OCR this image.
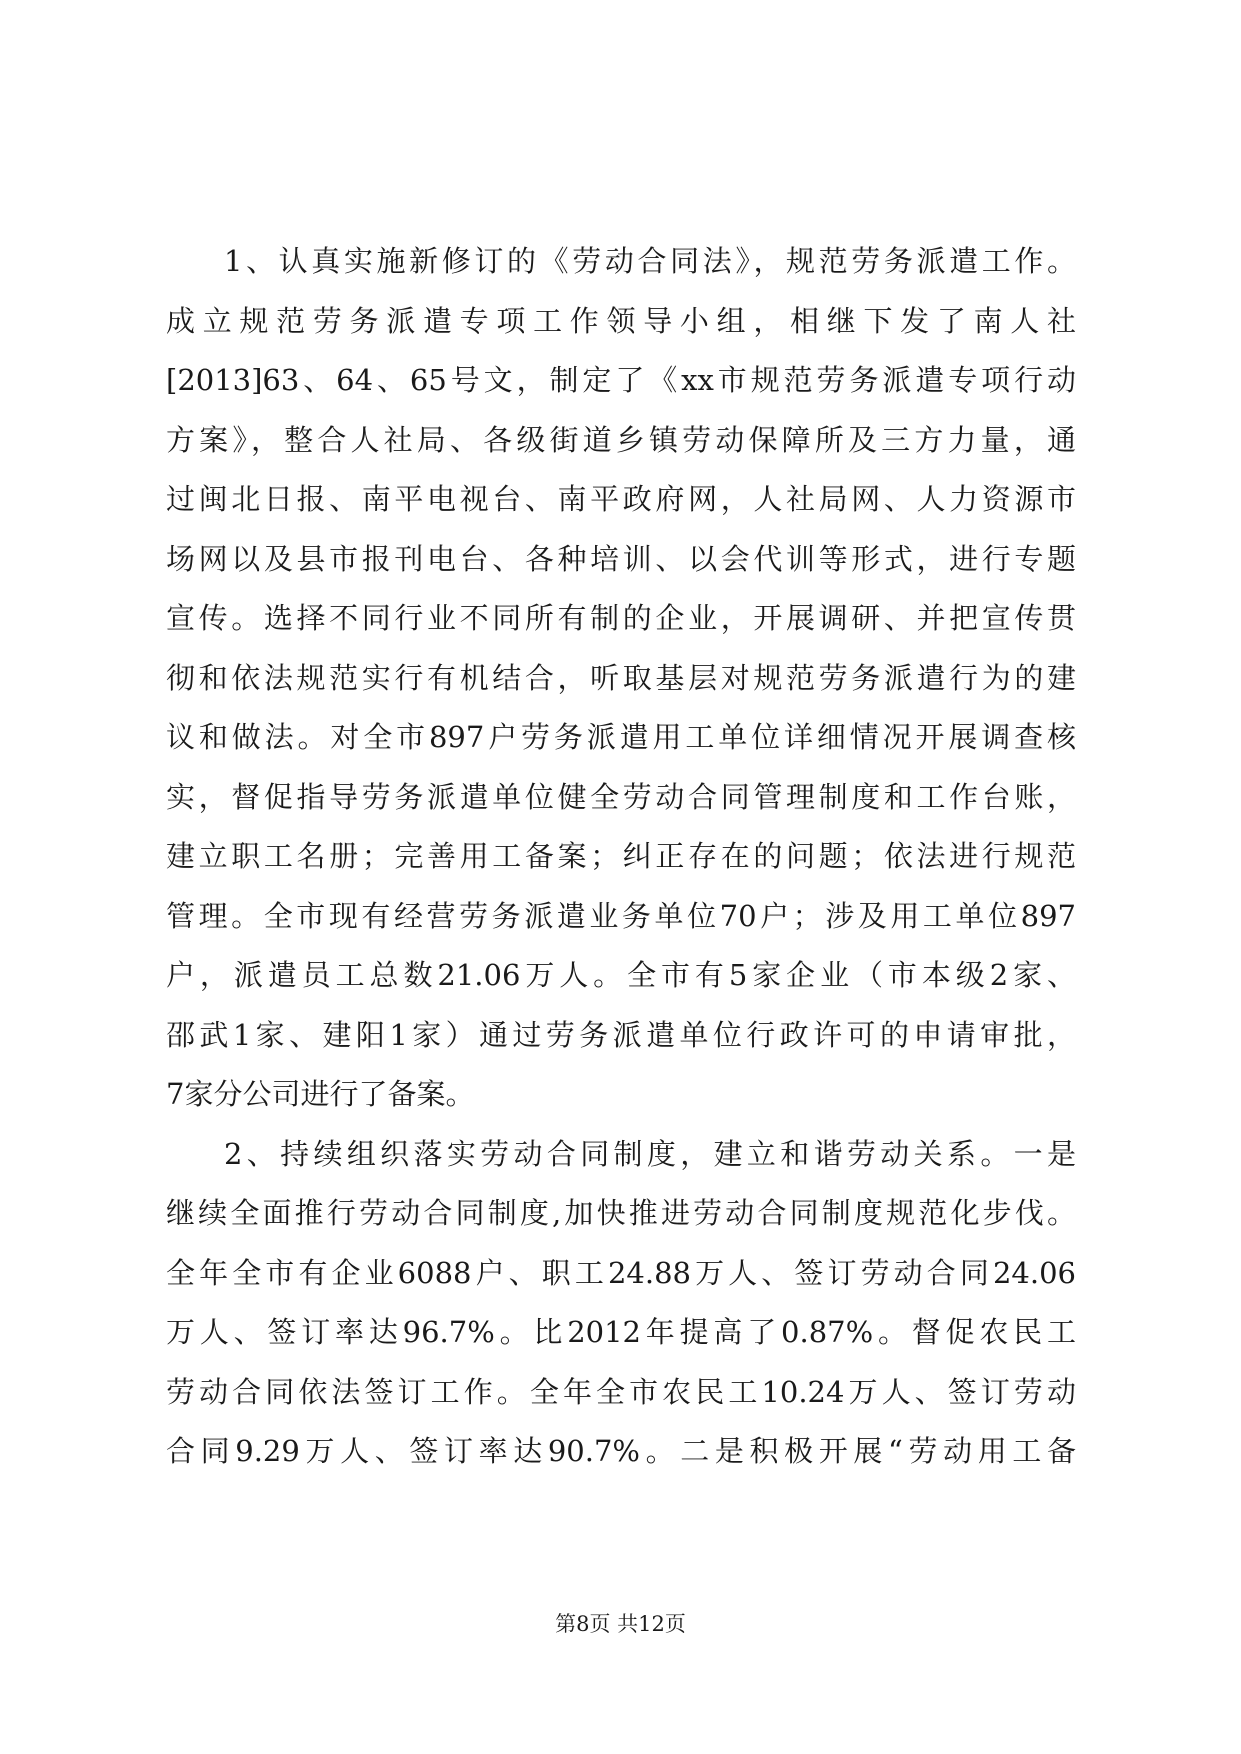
1、认真实施新修订的《劳动合同法》，规范劳务派遣工作。
成立规范劳务派遣专项工作领导小组，相继下发了南人社
[2013]63、64、65号文，制定了《xx市规范劳务派遣专项行动
方案》，整合人社局、各级街道乡镇劳动保障所及三方力量，通
过闽北日报、南平电视台、南平政府网，人社局网、人力资源市
场网以及县市报刊电台、各种培训、以会代训等形式，进行专题
宣传。选择不同行业不同所有制的企业，开展调研、并把宣传贯
彻和依法规范实行有机结合，听取基层对规范劳务派遣行为的建
议和做法。对全市897户劳务派遣用工单位详细情况开展调查核
实，督促指导劳务派遣单位健全劳动合同管理制度和工作台账，
建立职工名册；完善用工备案；纠正存在的问题；依法进行规范
管理。全市现有经营劳务派遣业务单位70户；涉及用工单位897
户，派遣员工总数21.06万人。全市有5家企业（市本级2家、
邵武1家、建阳1家）通过劳务派遣单位行政许可的申请审批，
7家分公司进行了备案。
2、持续组织落实劳动合同制度，建立和谐劳动关系。一是
继续全面推行劳动合同制度,加快推进劳动合同制度规范化步伐。
全年全市有企业6088户、职工24.88万人、签订劳动合同24.06
万人、签订率达96.7%。比2012年提高了0.87%。督促农民工
劳动合同依法签订工作。全年全市农民工10.24万人、签订劳动
合同9.29万人、签订率达90.7%。二是积极开展“劳动用工备
第8页 共12页
